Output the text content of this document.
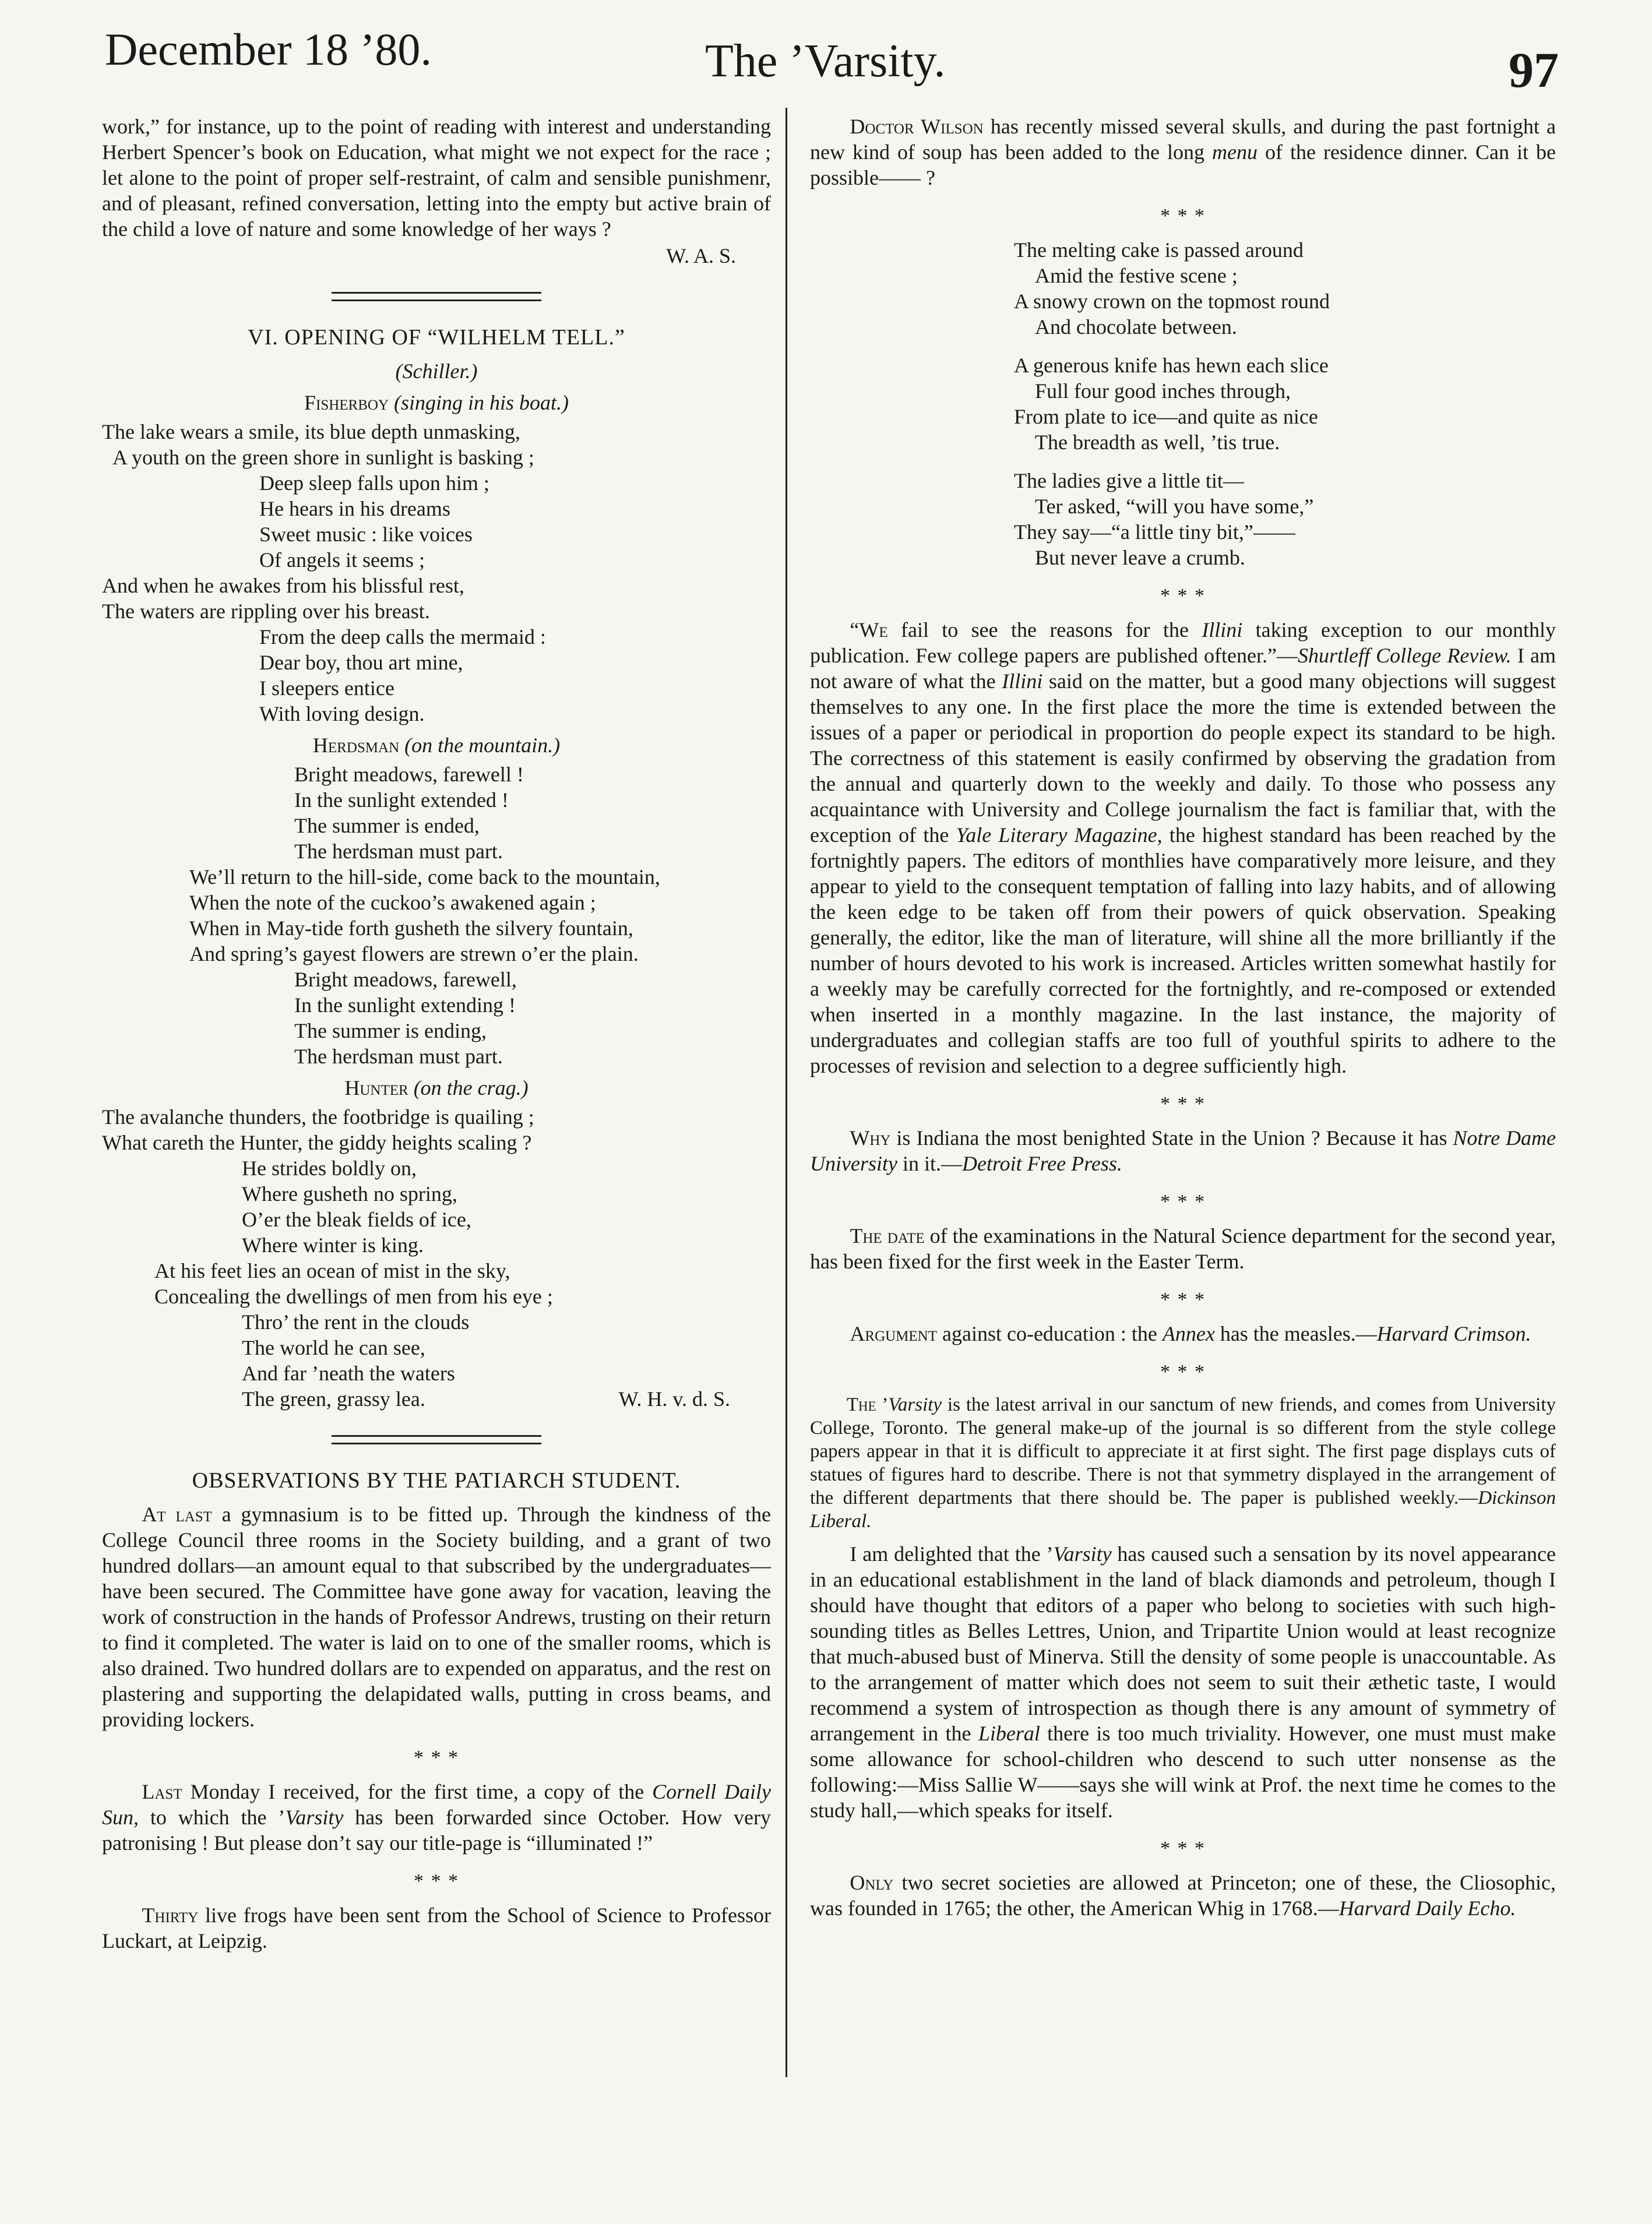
December 18 ’80.	The ’Varsity.	97

work,” for instance, up to the point of reading with interest and understanding Herbert Spencer’s book on Education, what might we not expect for the race ; let alone to the point of proper self-restraint, of calm and sensible punishmenr, and of pleasant, refined conversation, letting into the empty but active brain of the child a love of nature and some knowledge of her ways ?

W. A. S.
VI. OPENING OF “WILHELM TELL.”
(Schiller.)
Fisherboy (singing in his boat.)
The lake wears a smile, its blue depth unmasking,
A youth on the green shore in sunlight is basking ;
Deep sleep falls upon him ;
He hears in his dreams
Sweet music : like voices
Of angels it seems ;
And when he awakes from his blissful rest,
The waters are rippling over his breast.
From the deep calls the mermaid :
Dear boy, thou art mine,
I sleepers entice
With loving design.
Herdsman (on the mountain.)
Bright meadows, farewell !
In the sunlight extended !
The summer is ended,
The herdsman must part.
We’ll return to the hill-side, come back to the mountain,
When the note of the cuckoo’s awakened again ;
When in May-tide forth gusheth the silvery fountain,
And spring’s gayest flowers are strewn o’er the plain.
Bright meadows, farewell,
In the sunlight extending !
The summer is ending,
The herdsman must part.
Hunter (on the crag.)
The avalanche thunders, the footbridge is quailing ;
What careth the Hunter, the giddy heights scaling ?
He strides boldly on,
Where gusheth no spring,
O’er the bleak fields of ice,
Where winter is king.
At his feet lies an ocean of mist in the sky,
Concealing the dwellings of men from his eye ;
Thro’ the rent in the clouds
The world he can see,
And far ’neath the waters
The green, grassy lea.	W. H. v. d. S.
OBSERVATIONS BY THE PATIARCH STUDENT.

At last a gymnasium is to be fitted up. Through the kindness of the College Council three rooms in the Society building, and a grant of two hundred dollars—an amount equal to that subscribed by the undergraduates—have been secured. The Committee have gone away for vacation, leaving the work of construction in the hands of Professor Andrews, trusting on their return to find it completed. The water is laid on to one of the smaller rooms, which is also drained. Two hundred dollars are to expended on apparatus, and the rest on plastering and supporting the delapidated walls, putting in cross beams, and providing lockers.

* * *

Last Monday I received, for the first time, a copy of the Cornell Daily Sun, to which the ’Varsity has been forwarded since October. How very patronising ! But please don’t say our title-page is “illuminated !”

* * *

Thirty live frogs have been sent from the School of Science to Professor Luckart, at Leipzig.

Doctor Wilson has recently missed several skulls, and during the past fortnight a new kind of soup has been added to the long menu of the residence dinner. Can it be possible—— ?

* * *
The melting cake is passed around
Amid the festive scene ;
A snowy crown on the topmost round
And chocolate between.
A generous knife has hewn each slice
Full four good inches through,
From plate to ice—and quite as nice
The breadth as well, ’tis true.
The ladies give a little tit—
Ter asked, “will you have some,”
They say—“a little tiny bit,”——
But never leave a crumb.
* * *

“We fail to see the reasons for the Illini taking exception to our monthly publication. Few college papers are published oftener.”—Shurtleff College Review. I am not aware of what the Illini said on the matter, but a good many objections will suggest themselves to any one. In the first place the more the time is extended between the issues of a paper or periodical in proportion do people expect its standard to be high. The correctness of this statement is easily confirmed by observing the gradation from the annual and quarterly down to the weekly and daily. To those who possess any acquaintance with University and College journalism the fact is familiar that, with the exception of the Yale Literary Magazine, the highest standard has been reached by the fortnightly papers. The editors of monthlies have comparatively more leisure, and they appear to yield to the consequent temptation of falling into lazy habits, and of allowing the keen edge to be taken off from their powers of quick observation. Speaking generally, the editor, like the man of literature, will shine all the more brilliantly if the number of hours devoted to his work is increased. Articles written somewhat hastily for a weekly may be carefully corrected for the fortnightly, and re-composed or extended when inserted in a monthly magazine. In the last instance, the majority of undergraduates and collegian staffs are too full of youthful spirits to adhere to the processes of revision and selection to a degree sufficiently high.

* * *

Why is Indiana the most benighted State in the Union ? Because it has Notre Dame University in it.—Detroit Free Press.

* * *

The date of the examinations in the Natural Science department for the second year, has been fixed for the first week in the Easter Term.

* * *

Argument against co-education : the Annex has the measles.—Harvard Crimson.

* * *

The ’Varsity is the latest arrival in our sanctum of new friends, and comes from University College, Toronto. The general make-up of the journal is so different from the style college papers appear in that it is difficult to appreciate it at first sight. The first page displays cuts of statues of figures hard to describe. There is not that symmetry displayed in the arrangement of the different departments that there should be. The paper is published weekly.—Dickinson Liberal.

I am delighted that the ’Varsity has caused such a sensation by its novel appearance in an educational establishment in the land of black diamonds and petroleum, though I should have thought that editors of a paper who belong to societies with such high-sounding titles as Belles Lettres, Union, and Tripartite Union would at least recognize that much-abused bust of Minerva. Still the density of some people is unaccountable. As to the arrangement of matter which does not seem to suit their æthetic taste, I would recommend a system of introspection as though there is any amount of symmetry of arrangement in the Liberal there is too much triviality. However, one must must make some allowance for school-children who descend to such utter nonsense as the following:—Miss Sallie W——says she will wink at Prof. the next time he comes to the study hall,—which speaks for itself.

* * *

Only two secret societies are allowed at Princeton; one of these, the Cliosophic, was founded in 1765; the other, the American Whig in 1768.—Harvard Daily Echo.
